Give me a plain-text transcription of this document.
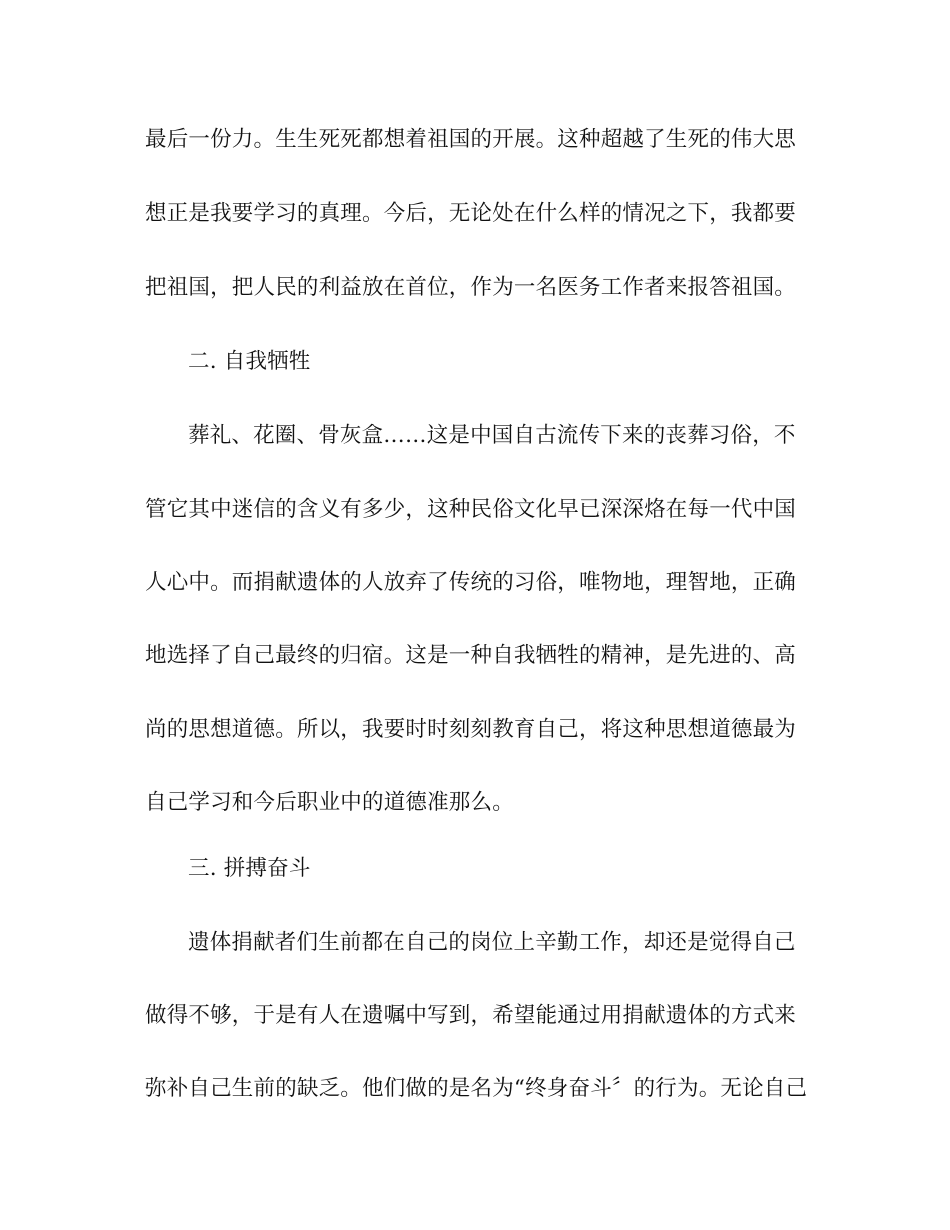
最后一份力。生生死死都想着祖国的开展。这种超越了生死的伟大思
想正是我要学习的真理。今后，无论处在什么样的情况之下，我都要
把祖国，把人民的利益放在首位，作为一名医务工作者来报答祖国。
二. 自我牺牲
葬礼、花圈、骨灰盒……这是中国自古流传下来的丧葬习俗，不
管它其中迷信的含义有多少，这种民俗文化早已深深烙在每一代中国
人心中。而捐献遗体的人放弃了传统的习俗，唯物地，理智地，正确
地选择了自己最终的归宿。这是一种自我牺牲的精神，是先进的、高
尚的思想道德。所以，我要时时刻刻教育自己，将这种思想道德最为
自己学习和今后职业中的道德准那么。
三. 拼搏奋斗
遗体捐献者们生前都在自己的岗位上辛勤工作，却还是觉得自己
做得不够，于是有人在遗嘱中写到，希望能通过用捐献遗体的方式来
弥补自己生前的缺乏。他们做的是名为“终身奋斗〞的行为。无论自己
